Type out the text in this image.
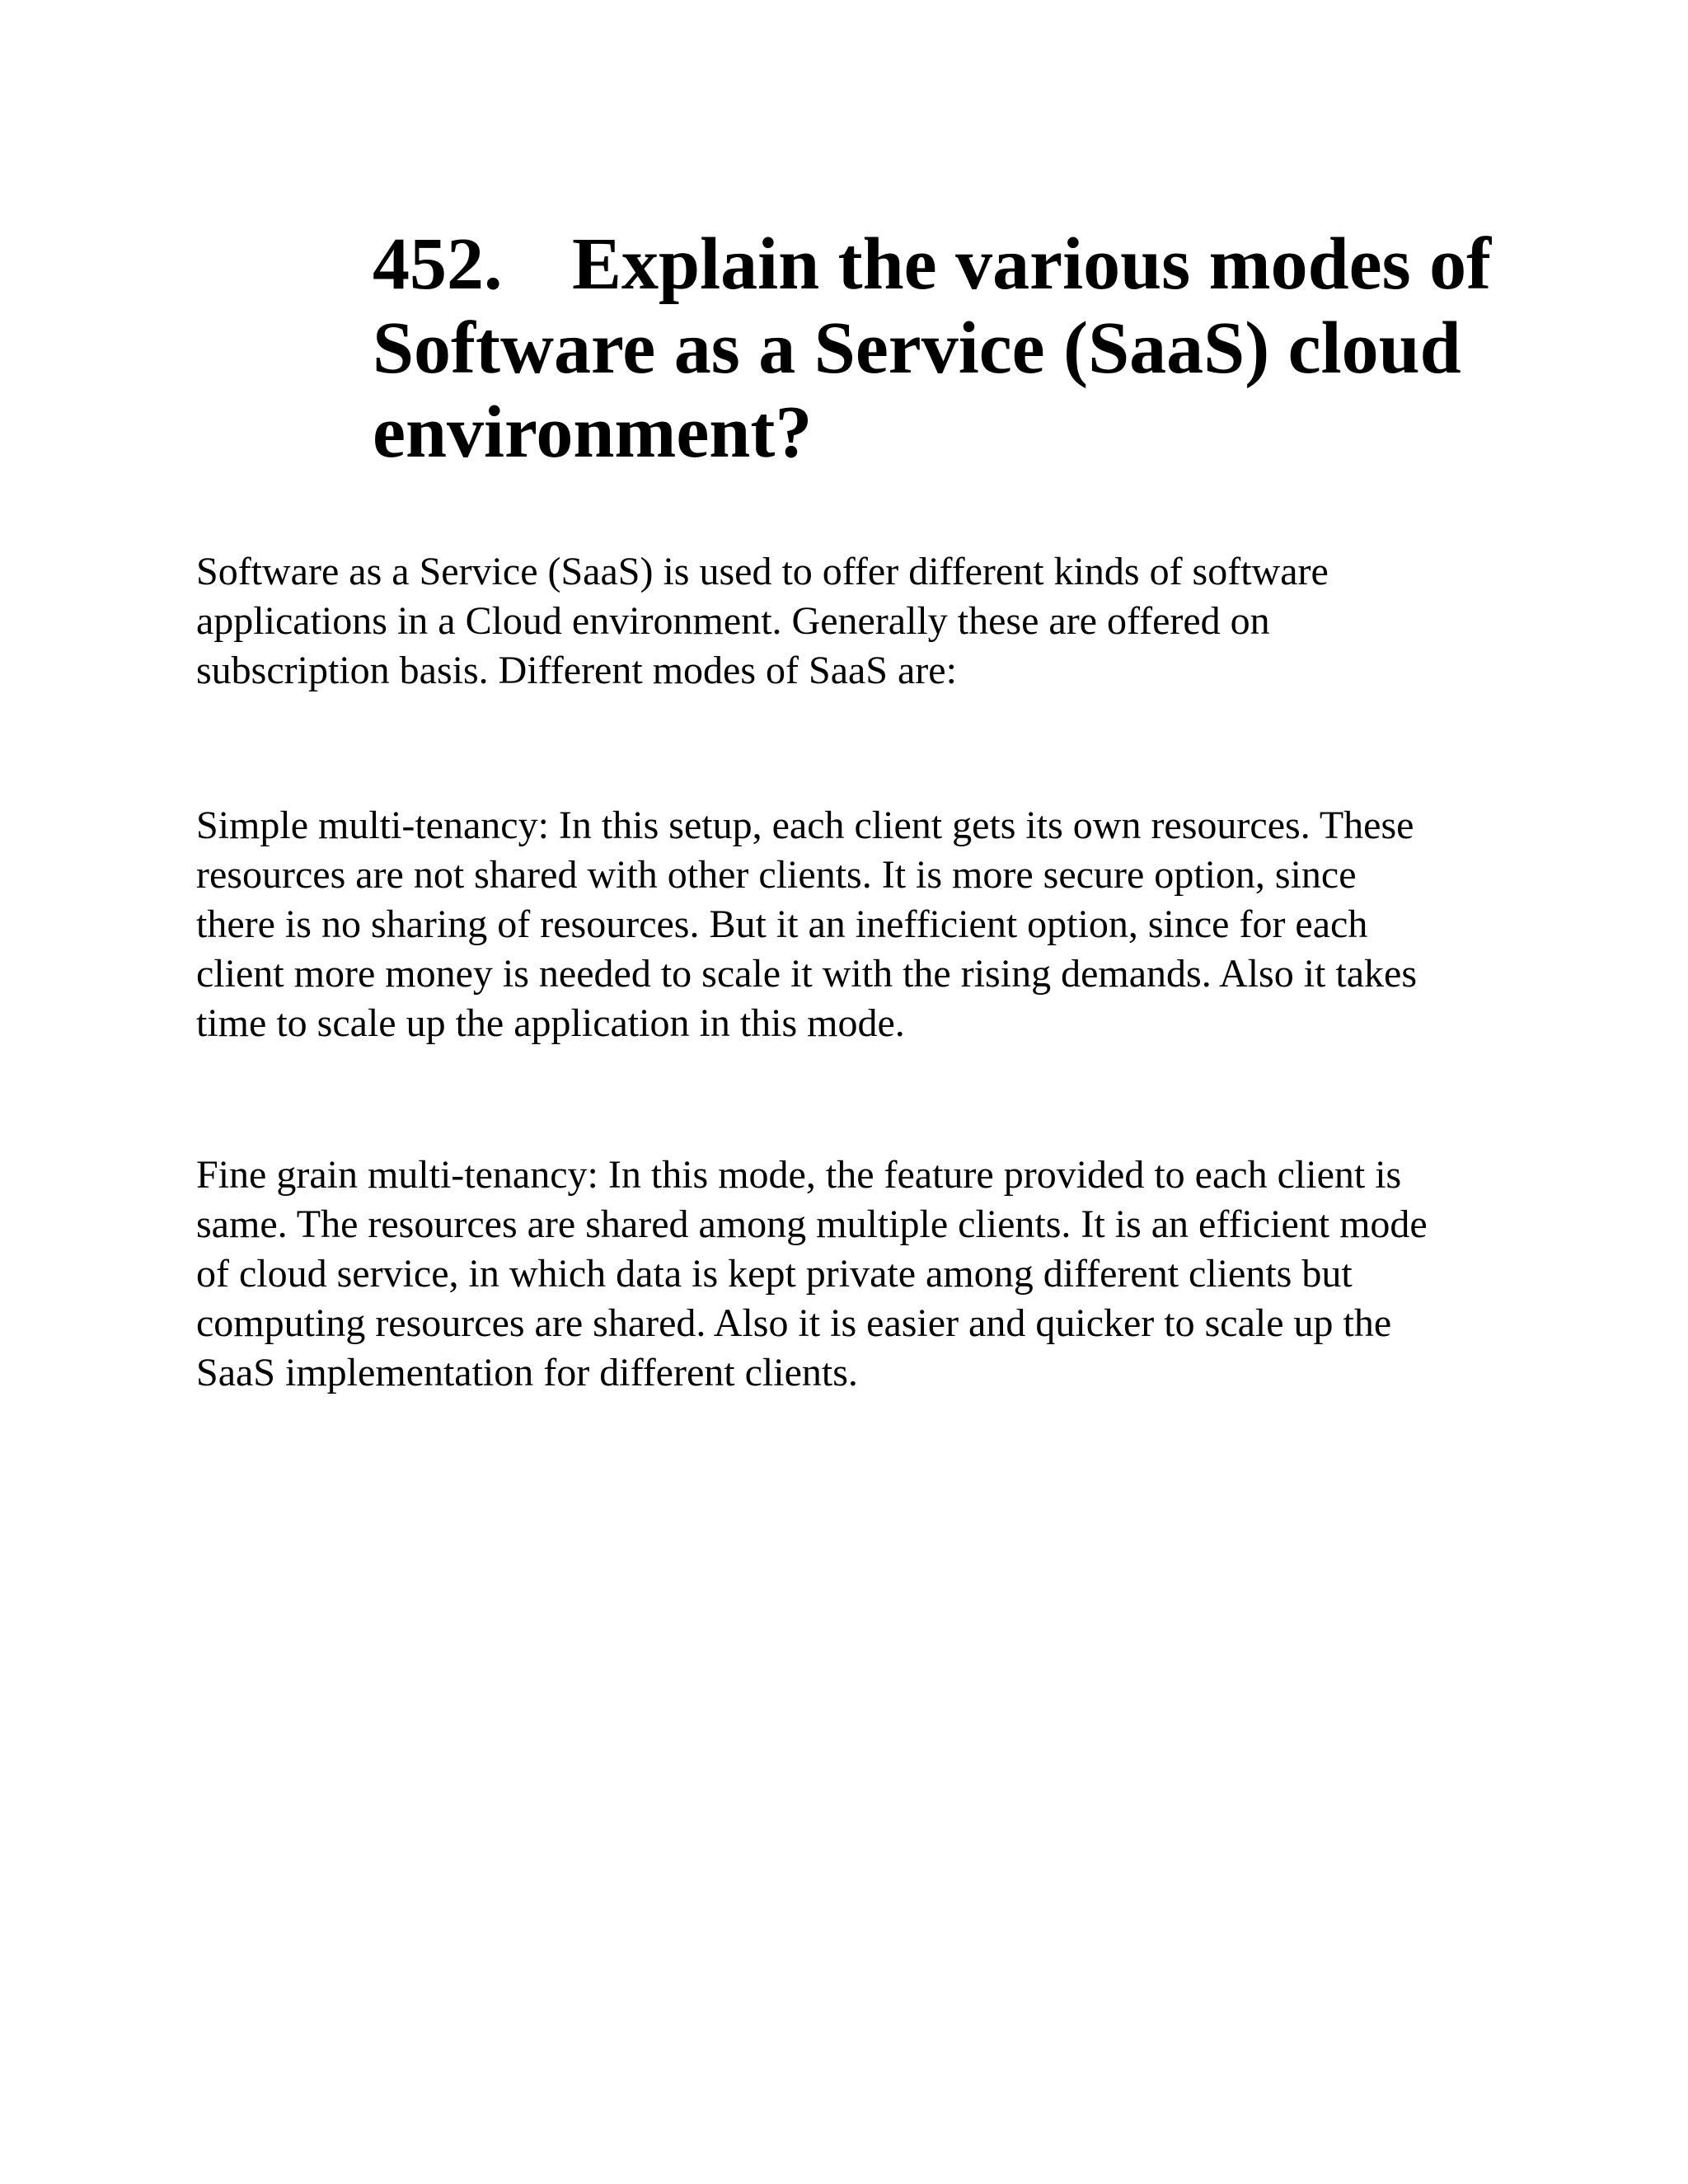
452. Explain the various modes of
Software as a Service (SaaS) cloud
environment?

Software as a Service (SaaS) is used to offer different kinds of software
applications in a Cloud environment. Generally these are offered on
subscription basis. Different modes of SaaS are:

Simple multi-tenancy: In this setup, each client gets its own resources. These
resources are not shared with other clients. It is more secure option, since
there is no sharing of resources. But it an inefficient option, since for each
client more money is needed to scale it with the rising demands. Also it takes
time to scale up the application in this mode.

Fine grain multi-tenancy: In this mode, the feature provided to each client is
same. The resources are shared among multiple clients. It is an efficient mode
of cloud service, in which data is kept private among different clients but
computing resources are shared. Also it is easier and quicker to scale up the
SaaS implementation for different clients.
